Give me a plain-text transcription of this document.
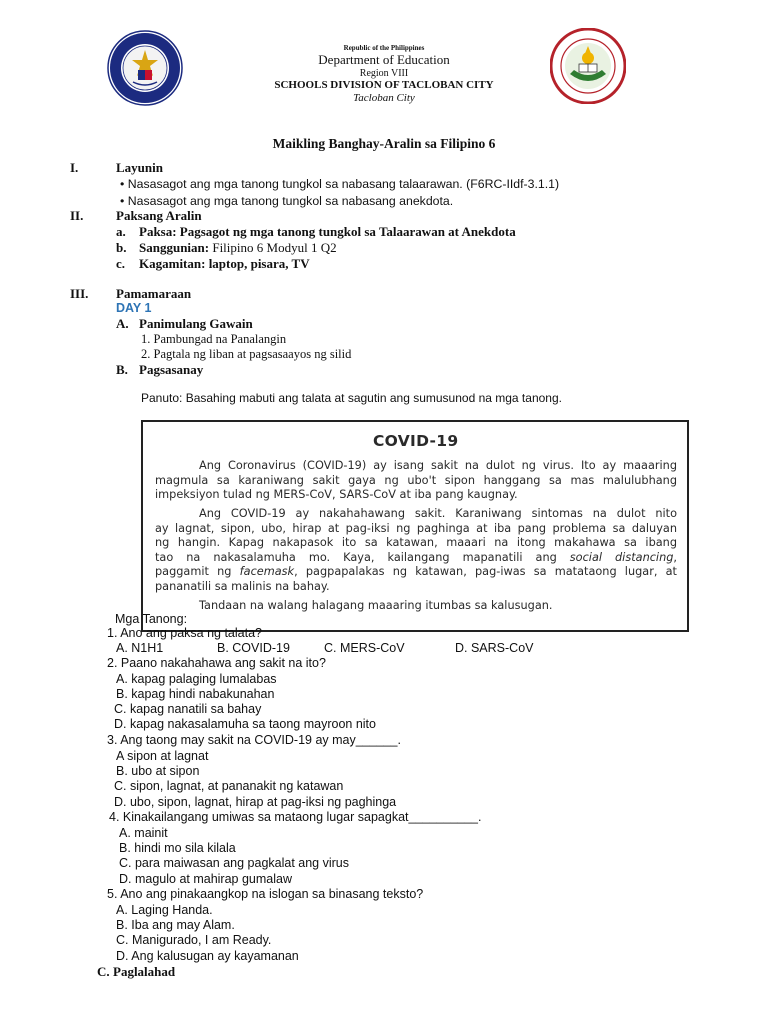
Republic of the Philippines
Department of Education
Region VIII
SCHOOLS DIVISION OF TACLOBAN CITY
Tacloban City
Maikling Banghay-Aralin sa Filipino 6
I.	Layunin
• Nasasagot ang mga tanong tungkol sa nabasang talaarawan. (F6RC-IIdf-3.1.1)
• Nasasagot ang mga tanong tungkol sa nabasang anekdota.
II.	Paksang Aralin
a. Paksa: Pagsagot ng mga tanong tungkol sa Talaarawan at Anekdota
b. Sanggunian: Filipino 6 Modyul 1 Q2
c. Kagamitan: laptop, pisara, TV
III. Pamamaraan
DAY 1
A. Panimulang Gawain
1. Pambungad na Panalangin
2. Pagtala ng liban at pagsasaayos ng silid
B. Pagsasanay
Panuto: Basahing mabuti ang talata at sagutin ang sumusunod na mga tanong.
COVID-19
Ang Coronavirus (COVID-19) ay isang sakit na dulot ng virus. Ito ay maaaring
magmula sa karaniwang sakit gaya ng ubo't sipon hanggang sa mas malulubhang
impeksiyon tulad ng MERS-CoV, SARS-CoV at iba pang kaugnay.
Ang COVID-19 ay nakahahawang sakit. Karaniwang sintomas na dulot nito
ay lagnat, sipon, ubo, hirap at pag-iksi ng paghinga at iba pang problema sa daluyan
ng hangin. Kapag nakapasok ito sa katawan, maaari na itong makahawa sa ibang
tao na nakasalamuha mo. Kaya, kailangang mapanatili ang social distancing,
paggamit ng facemask, pagpapalakas ng katawan, pag-iwas sa matataong lugar, at
pananatili sa malinis na bahay.
Tandaan na walang halagang maaaring itumbas sa kalusugan.
Mga Tanong:
1. Ano ang paksa ng talata?
A. N1H1	B. COVID-19	C. MERS-CoV	D. SARS-CoV
2. Paano nakahahawa ang sakit na ito?
A. kapag palaging lumalabas
B. kapag hindi nabakunahan
C. kapag nanatili sa bahay
D. kapag nakasalamuha sa taong mayroon nito
3. Ang taong may sakit na COVID-19 ay may______.
A sipon at lagnat
B. ubo at sipon
C. sipon, lagnat, at pananakit ng katawan
D. ubo, sipon, lagnat, hirap at pag-iksi ng paghinga
4. Kinakailangang umiwas sa mataong lugar sapagkat__________.
A. mainit
B. hindi mo sila kilala
C. para maiwasan ang pagkalat ang virus
D. magulo at mahirap gumalaw
5. Ano ang pinakaangkop na islogan sa binasang teksto?
A. Laging Handa.
B. Iba ang may Alam.
C. Manigurado, I am Ready.
D. Ang kalusugan ay kayamanan
C. Paglalahad
